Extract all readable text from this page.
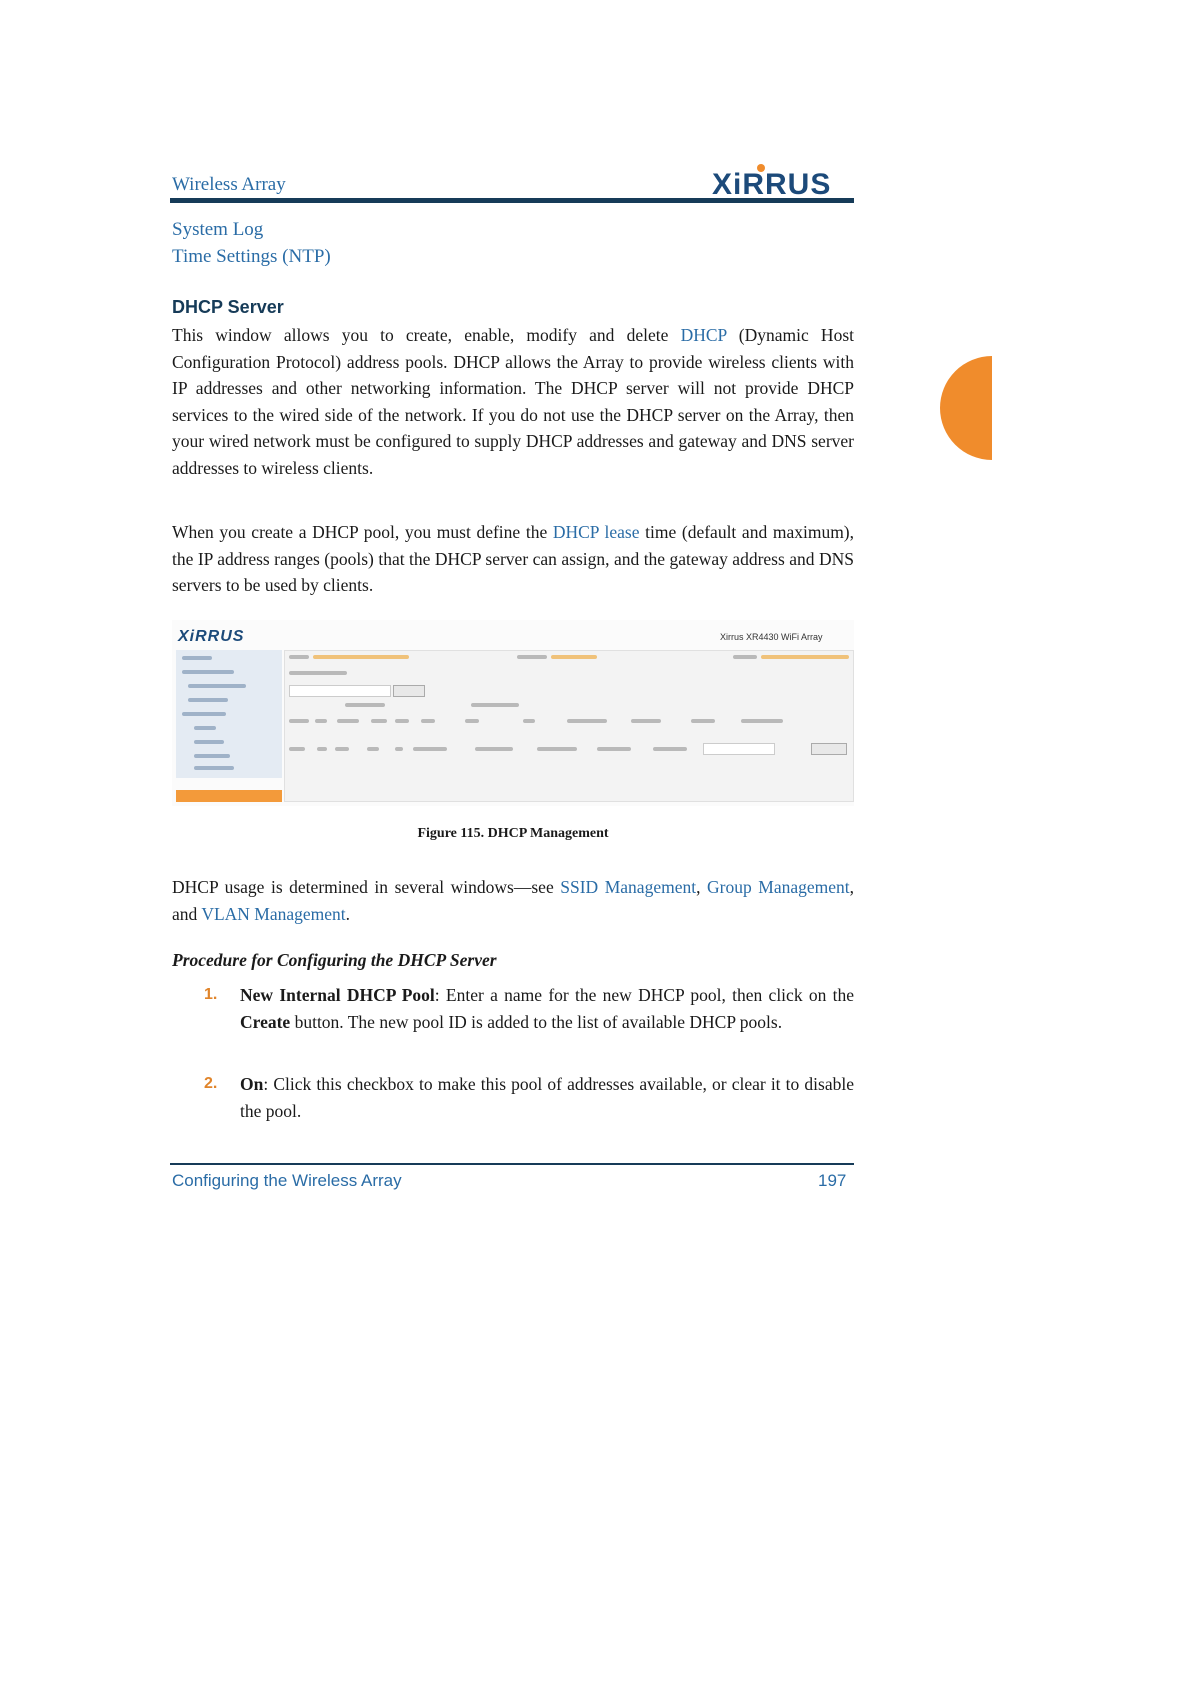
Wireless Array	XiRRUS
System Log
Time Settings (NTP)
DHCP Server
This window allows you to create, enable, modify and delete DHCP (Dynamic Host Configuration Protocol) address pools. DHCP allows the Array to provide wireless clients with IP addresses and other networking information. The DHCP server will not provide DHCP services to the wired side of the network. If you do not use the DHCP server on the Array, then your wired network must be configured to supply DHCP addresses and gateway and DNS server addresses to wireless clients.
When you create a DHCP pool, you must define the DHCP lease time (default and maximum), the IP address ranges (pools) that the DHCP server can assign, and the gateway address and DNS servers to be used by clients.
XiRRUS	Xirrus XR4430 WiFi Array
Figure 115. DHCP Management
DHCP usage is determined in several windows—see SSID Management, Group Management, and VLAN Management.
Procedure for Configuring the DHCP Server
1. New Internal DHCP Pool: Enter a name for the new DHCP pool, then click on the Create button. The new pool ID is added to the list of available DHCP pools.
2. On: Click this checkbox to make this pool of addresses available, or clear it to disable the pool.
Configuring the Wireless Array	197
